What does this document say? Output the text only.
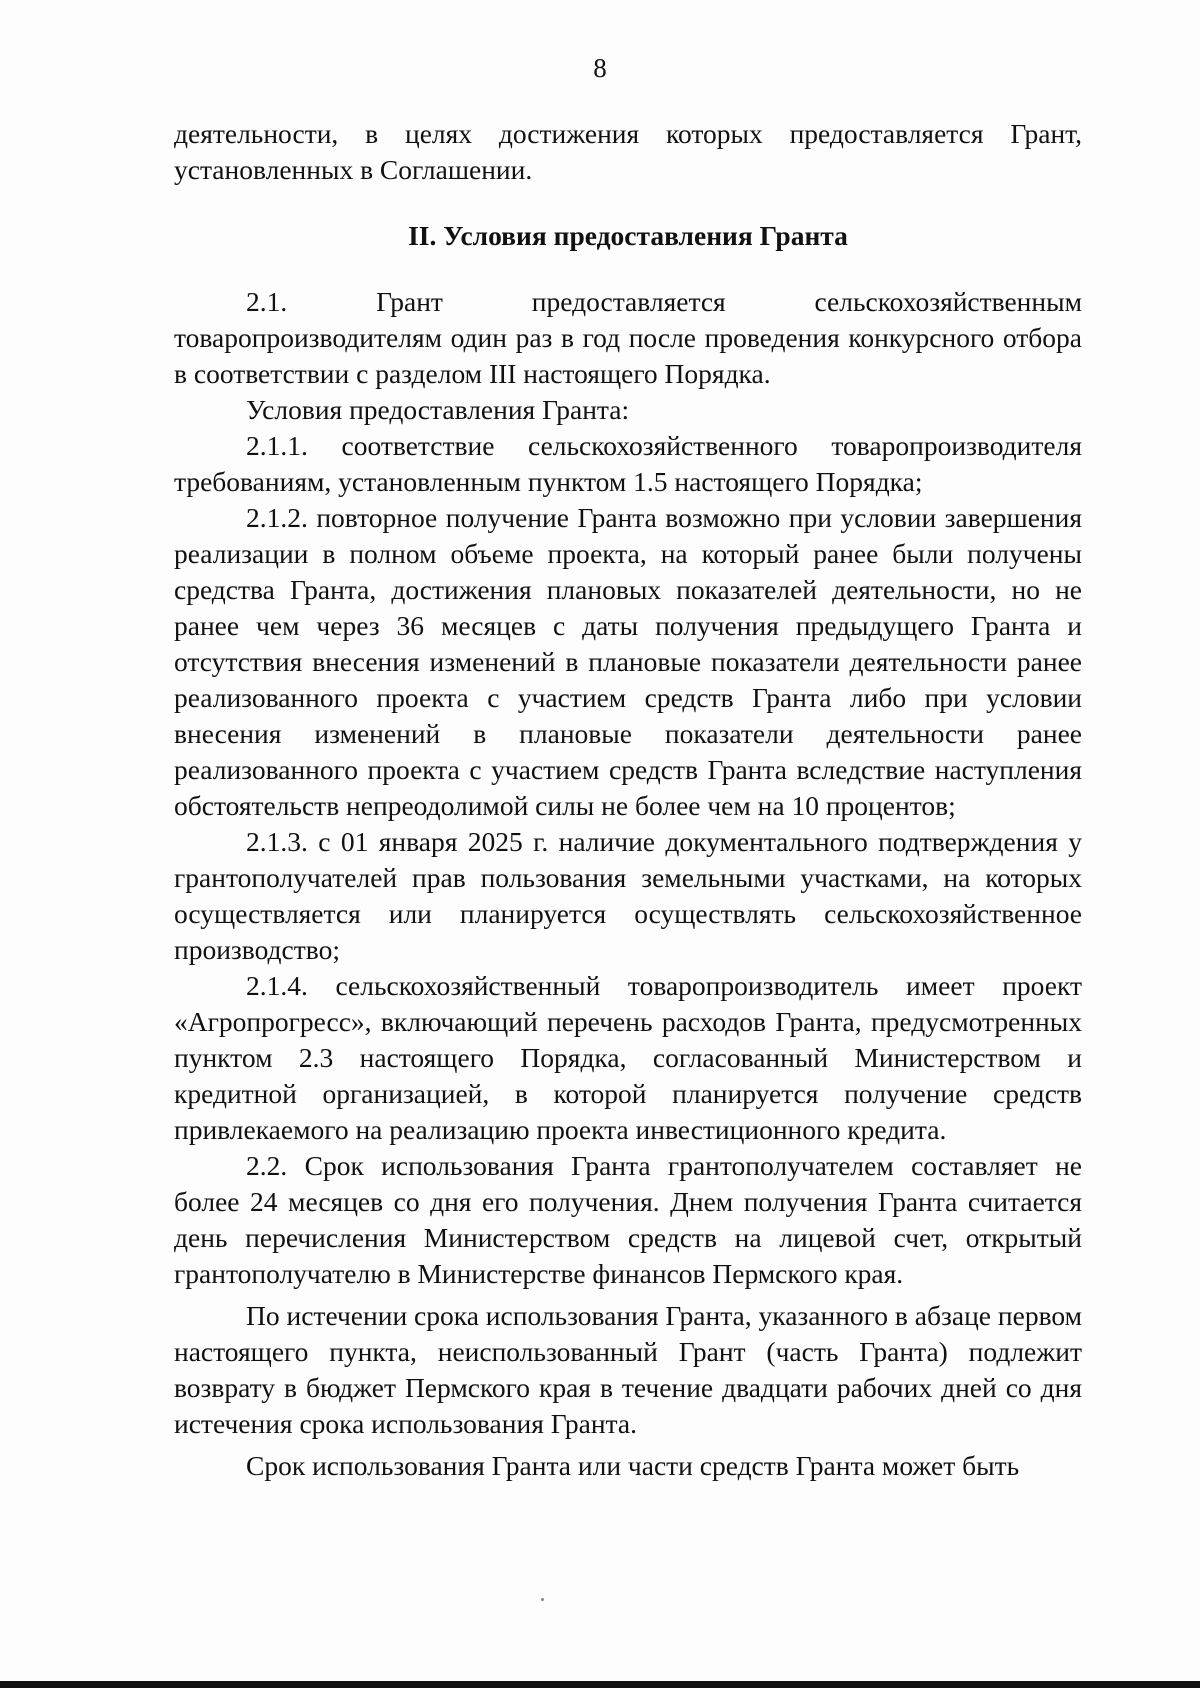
8

деятельности, в целях достижения которых предоставляется Грант, установленных в Соглашении.

II. Условия предоставления Гранта

2.1. Грант предоставляется сельскохозяйственным товаропроизводителям один раз в год после проведения конкурсного отбора в соответствии с разделом III настоящего Порядка.

Условия предоставления Гранта:

2.1.1. соответствие сельскохозяйственного товаропроизводителя требованиям, установленным пунктом 1.5 настоящего Порядка;

2.1.2. повторное получение Гранта возможно при условии завершения реализации в полном объеме проекта, на который ранее были получены средства Гранта, достижения плановых показателей деятельности, но не ранее чем через 36 месяцев с даты получения предыдущего Гранта и отсутствия внесения изменений в плановые показатели деятельности ранее реализованного проекта с участием средств Гранта либо при условии внесения изменений в плановые показатели деятельности ранее реализованного проекта с участием средств Гранта вследствие наступления обстоятельств непреодолимой силы не более чем на 10 процентов;

2.1.3. с 01 января 2025 г. наличие документального подтверждения у грантополучателей прав пользования земельными участками, на которых осуществляется или планируется осуществлять сельскохозяйственное производство;

2.1.4. сельскохозяйственный товаропроизводитель имеет проект «Агропрогресс», включающий перечень расходов Гранта, предусмотренных пунктом 2.3 настоящего Порядка, согласованный Министерством и кредитной организацией, в которой планируется получение средств привлекаемого на реализацию проекта инвестиционного кредита.

2.2. Срок использования Гранта грантополучателем составляет не более 24 месяцев со дня его получения. Днем получения Гранта считается день перечисления Министерством средств на лицевой счет, открытый грантополучателю в Министерстве финансов Пермского края.

По истечении срока использования Гранта, указанного в абзаце первом настоящего пункта, неиспользованный Грант (часть Гранта) подлежит возврату в бюджет Пермского края в течение двадцати рабочих дней со дня истечения срока использования Гранта.

Срок использования Гранта или части средств Гранта может быть
